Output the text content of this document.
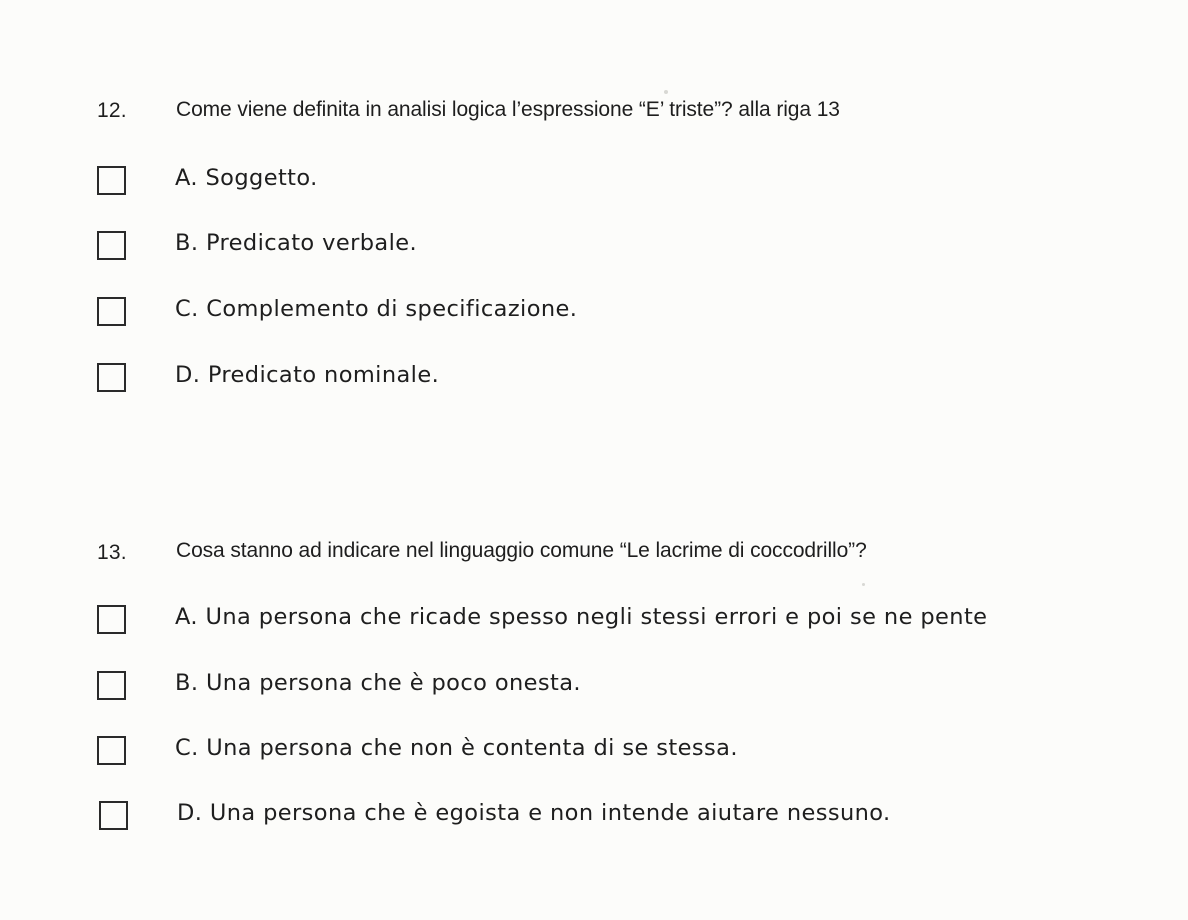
12. Come viene definita in analisi logica l’espressione “E’ triste”? alla riga 13
A. Soggetto.
B. Predicato verbale.
C. Complemento di specificazione.
D. Predicato nominale.
13. Cosa stanno ad indicare nel linguaggio comune “Le lacrime di coccodrillo”?
A. Una persona che ricade spesso negli stessi errori e poi se ne pente
B. Una persona che è poco onesta.
C. Una persona che non è contenta di se stessa.
D. Una persona che è egoista e non intende aiutare nessuno.
